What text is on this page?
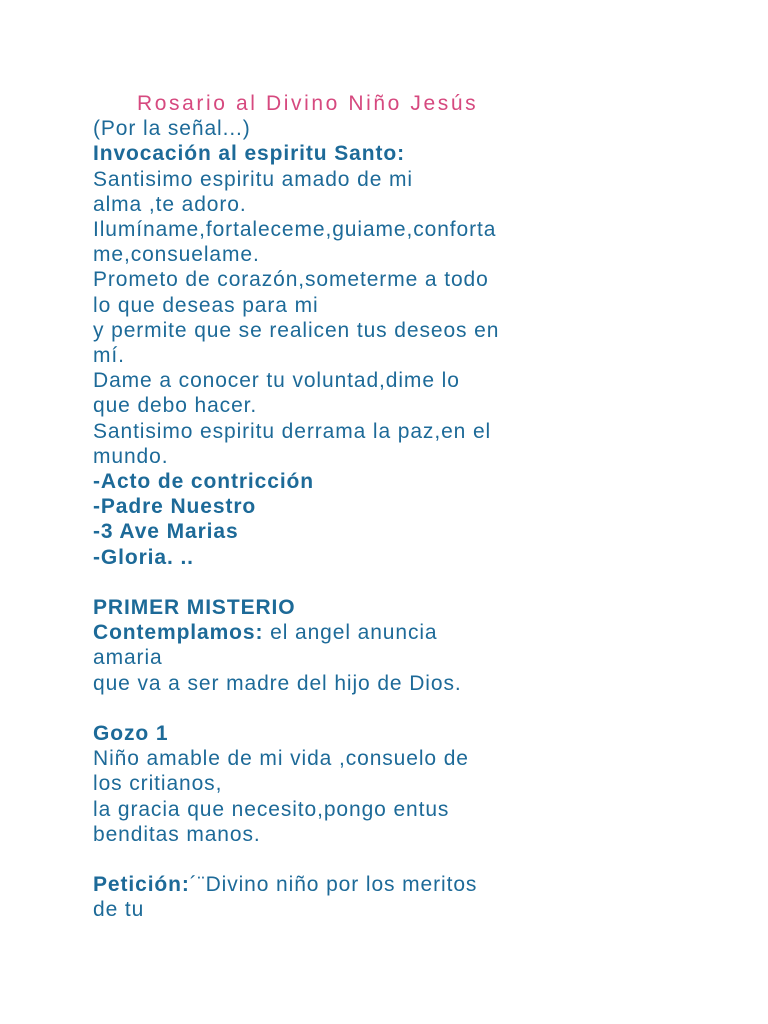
Rosario al Divino Niño Jesús
(Por la señal...)
Invocación al espiritu Santo:
Santisimo espiritu amado de mi
alma ,te adoro.
Ilumíname,fortaleceme,guiame,conforta
me,consuelame.
Prometo de corazón,someterme a todo
lo que deseas para mi
y permite que se realicen tus deseos en
mí.
Dame a conocer tu voluntad,dime lo
que debo hacer.
Santisimo espiritu derrama la paz,en el
mundo.
-Acto de contricción
-Padre Nuestro
-3 Ave Marias
-Gloria. ..
PRIMER MISTERIO
Contemplamos: el angel anuncia
amaria
que va a ser madre del hijo de Dios.
Gozo 1
Niño amable de mi vida ,consuelo de
los critianos,
la gracia que necesito,pongo entus
benditas manos.
Petición:´¨Divino niño por los meritos
de tu
